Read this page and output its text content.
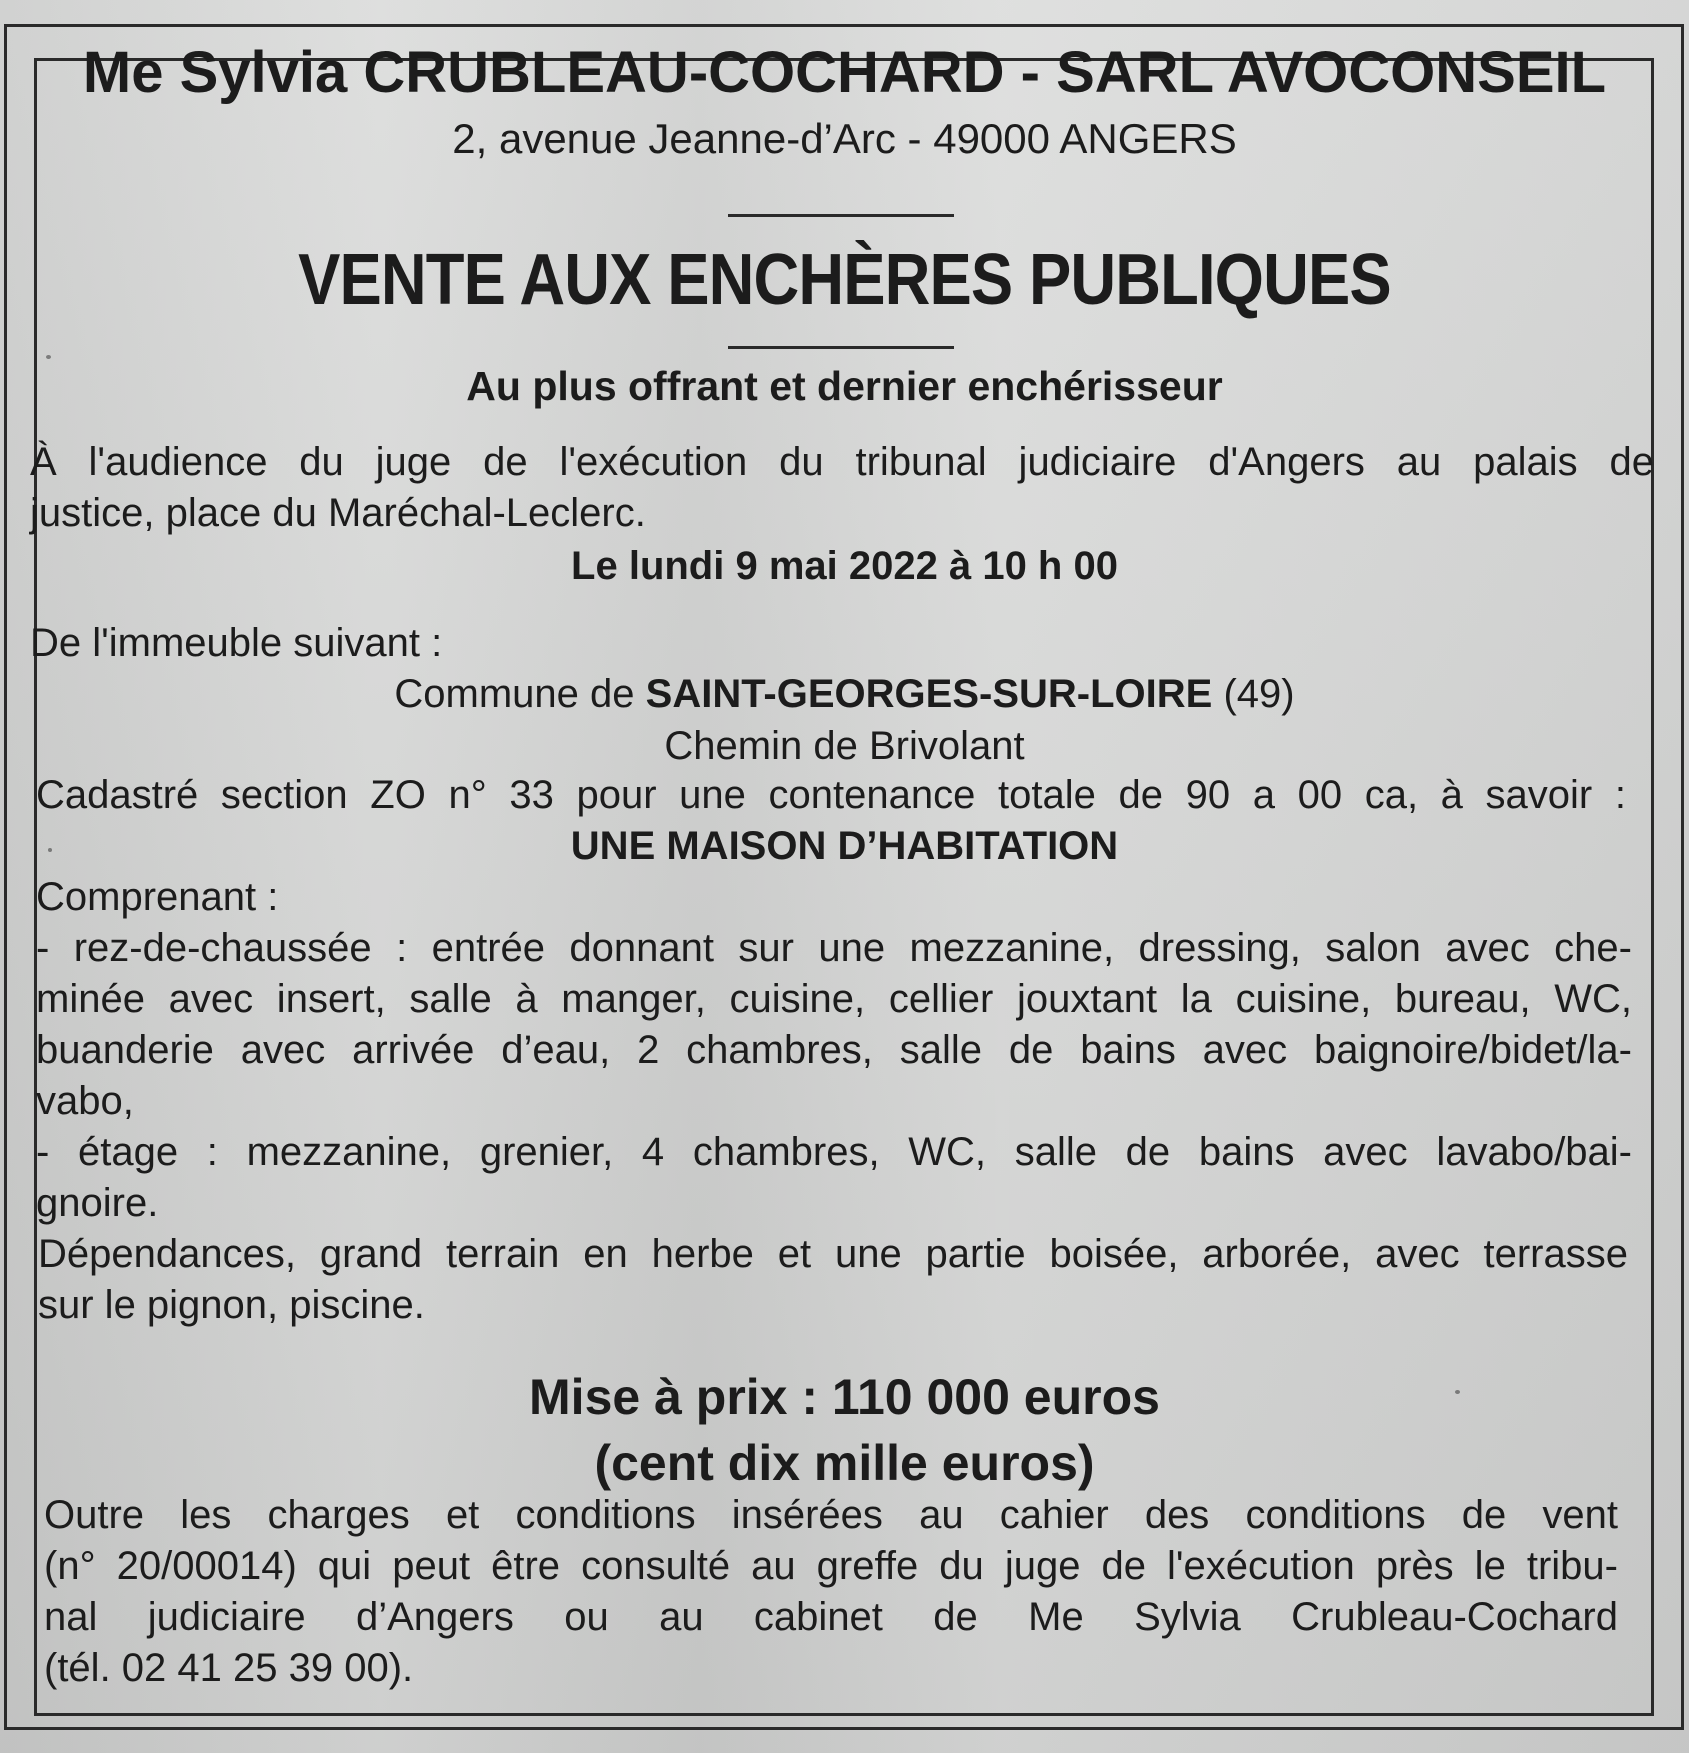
Me Sylvia CRUBLEAU-COCHARD - SARL AVOCONSEIL
2, avenue Jeanne-d’Arc - 49000 ANGERS
VENTE AUX ENCHÈRES PUBLIQUES
Au plus offrant et dernier enchérisseur
À l'audience du juge de l'exécution du tribunal judiciaire d'Angers au palais de
justice, place du Maréchal-Leclerc.
Le lundi 9 mai 2022 à 10 h 00
De l'immeuble suivant :
Commune de SAINT-GEORGES-SUR-LOIRE (49)
Chemin de Brivolant
Cadastré section ZO n° 33 pour une contenance totale de 90 a 00 ca, à savoir :
UNE MAISON D’HABITATION
Comprenant :
- rez-de-chaussée : entrée donnant sur une mezzanine, dressing, salon avec che-
minée avec insert, salle à manger, cuisine, cellier jouxtant la cuisine, bureau, WC,
buanderie avec arrivée d’eau, 2 chambres, salle de bains avec baignoire/bidet/la-
vabo,
- étage : mezzanine, grenier, 4 chambres, WC, salle de bains avec lavabo/bai-
gnoire.
Dépendances, grand terrain en herbe et une partie boisée, arborée, avec terrasse
sur le pignon, piscine.
Mise à prix : 110 000 euros
(cent dix mille euros)
Outre les charges et conditions insérées au cahier des conditions de vent
(n° 20/00014) qui peut être consulté au greffe du juge de l'exécution près le tribu-
nal judiciaire d’Angers ou au cabinet de Me Sylvia Crubleau-Cochard
(tél. 02 41 25 39 00).
